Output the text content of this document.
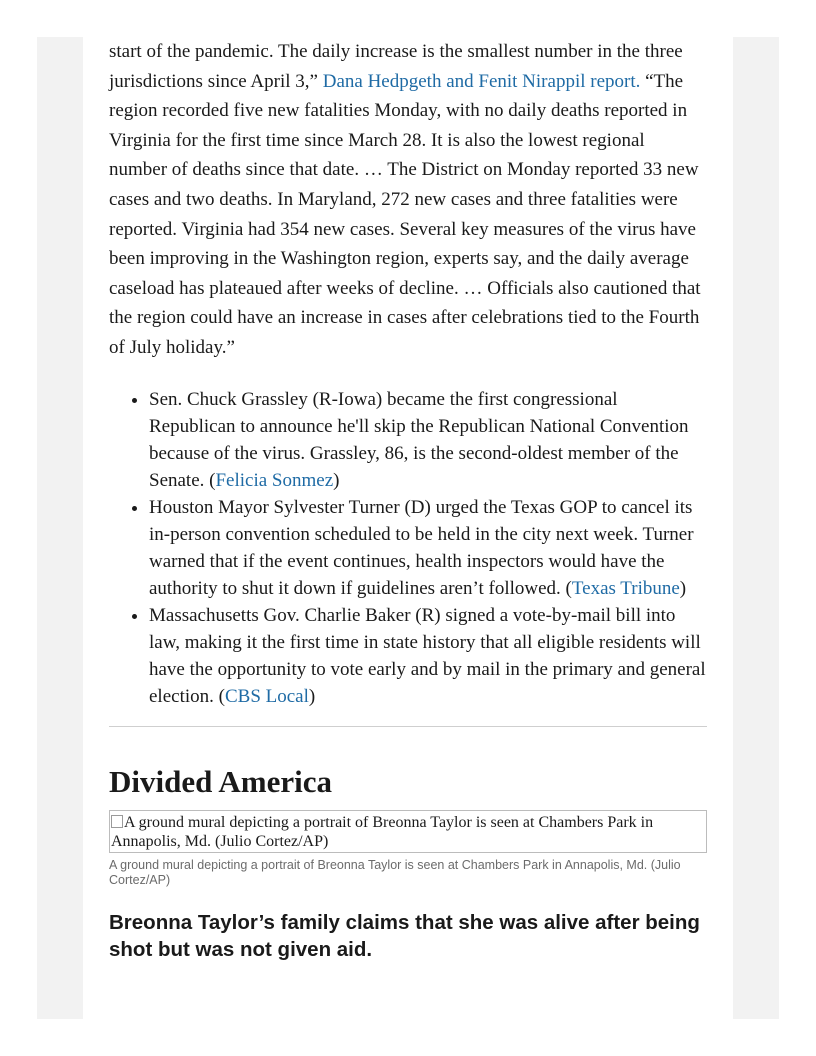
start of the pandemic. The daily increase is the smallest number in the three jurisdictions since April 3,” Dana Hedpgeth and Fenit Nirappil report. “The region recorded five new fatalities Monday, with no daily deaths reported in Virginia for the first time since March 28. It is also the lowest regional number of deaths since that date. … The District on Monday reported 33 new cases and two deaths. In Maryland, 272 new cases and three fatalities were reported. Virginia had 354 new cases. Several key measures of the virus have been improving in the Washington region, experts say, and the daily average caseload has plateaued after weeks of decline. … Officials also cautioned that the region could have an increase in cases after celebrations tied to the Fourth of July holiday.”

• Sen. Chuck Grassley (R-Iowa) became the first congressional Republican to announce he'll skip the Republican National Convention because of the virus. Grassley, 86, is the second-oldest member of the Senate. (Felicia Sonmez)
• Houston Mayor Sylvester Turner (D) urged the Texas GOP to cancel its in-person convention scheduled to be held in the city next week. Turner warned that if the event continues, health inspectors would have the authority to shut it down if guidelines aren’t followed. (Texas Tribune)
• Massachusetts Gov. Charlie Baker (R) signed a vote-by-mail bill into law, making it the first time in state history that all eligible residents will have the opportunity to vote early and by mail in the primary and general election. (CBS Local)
Divided America
A ground mural depicting a portrait of Breonna Taylor is seen at Chambers Park in Annapolis, Md. (Julio Cortez/AP)
A ground mural depicting a portrait of Breonna Taylor is seen at Chambers Park in Annapolis, Md. (Julio Cortez/AP)
Breonna Taylor’s family claims that she was alive after being shot but was not given aid.
